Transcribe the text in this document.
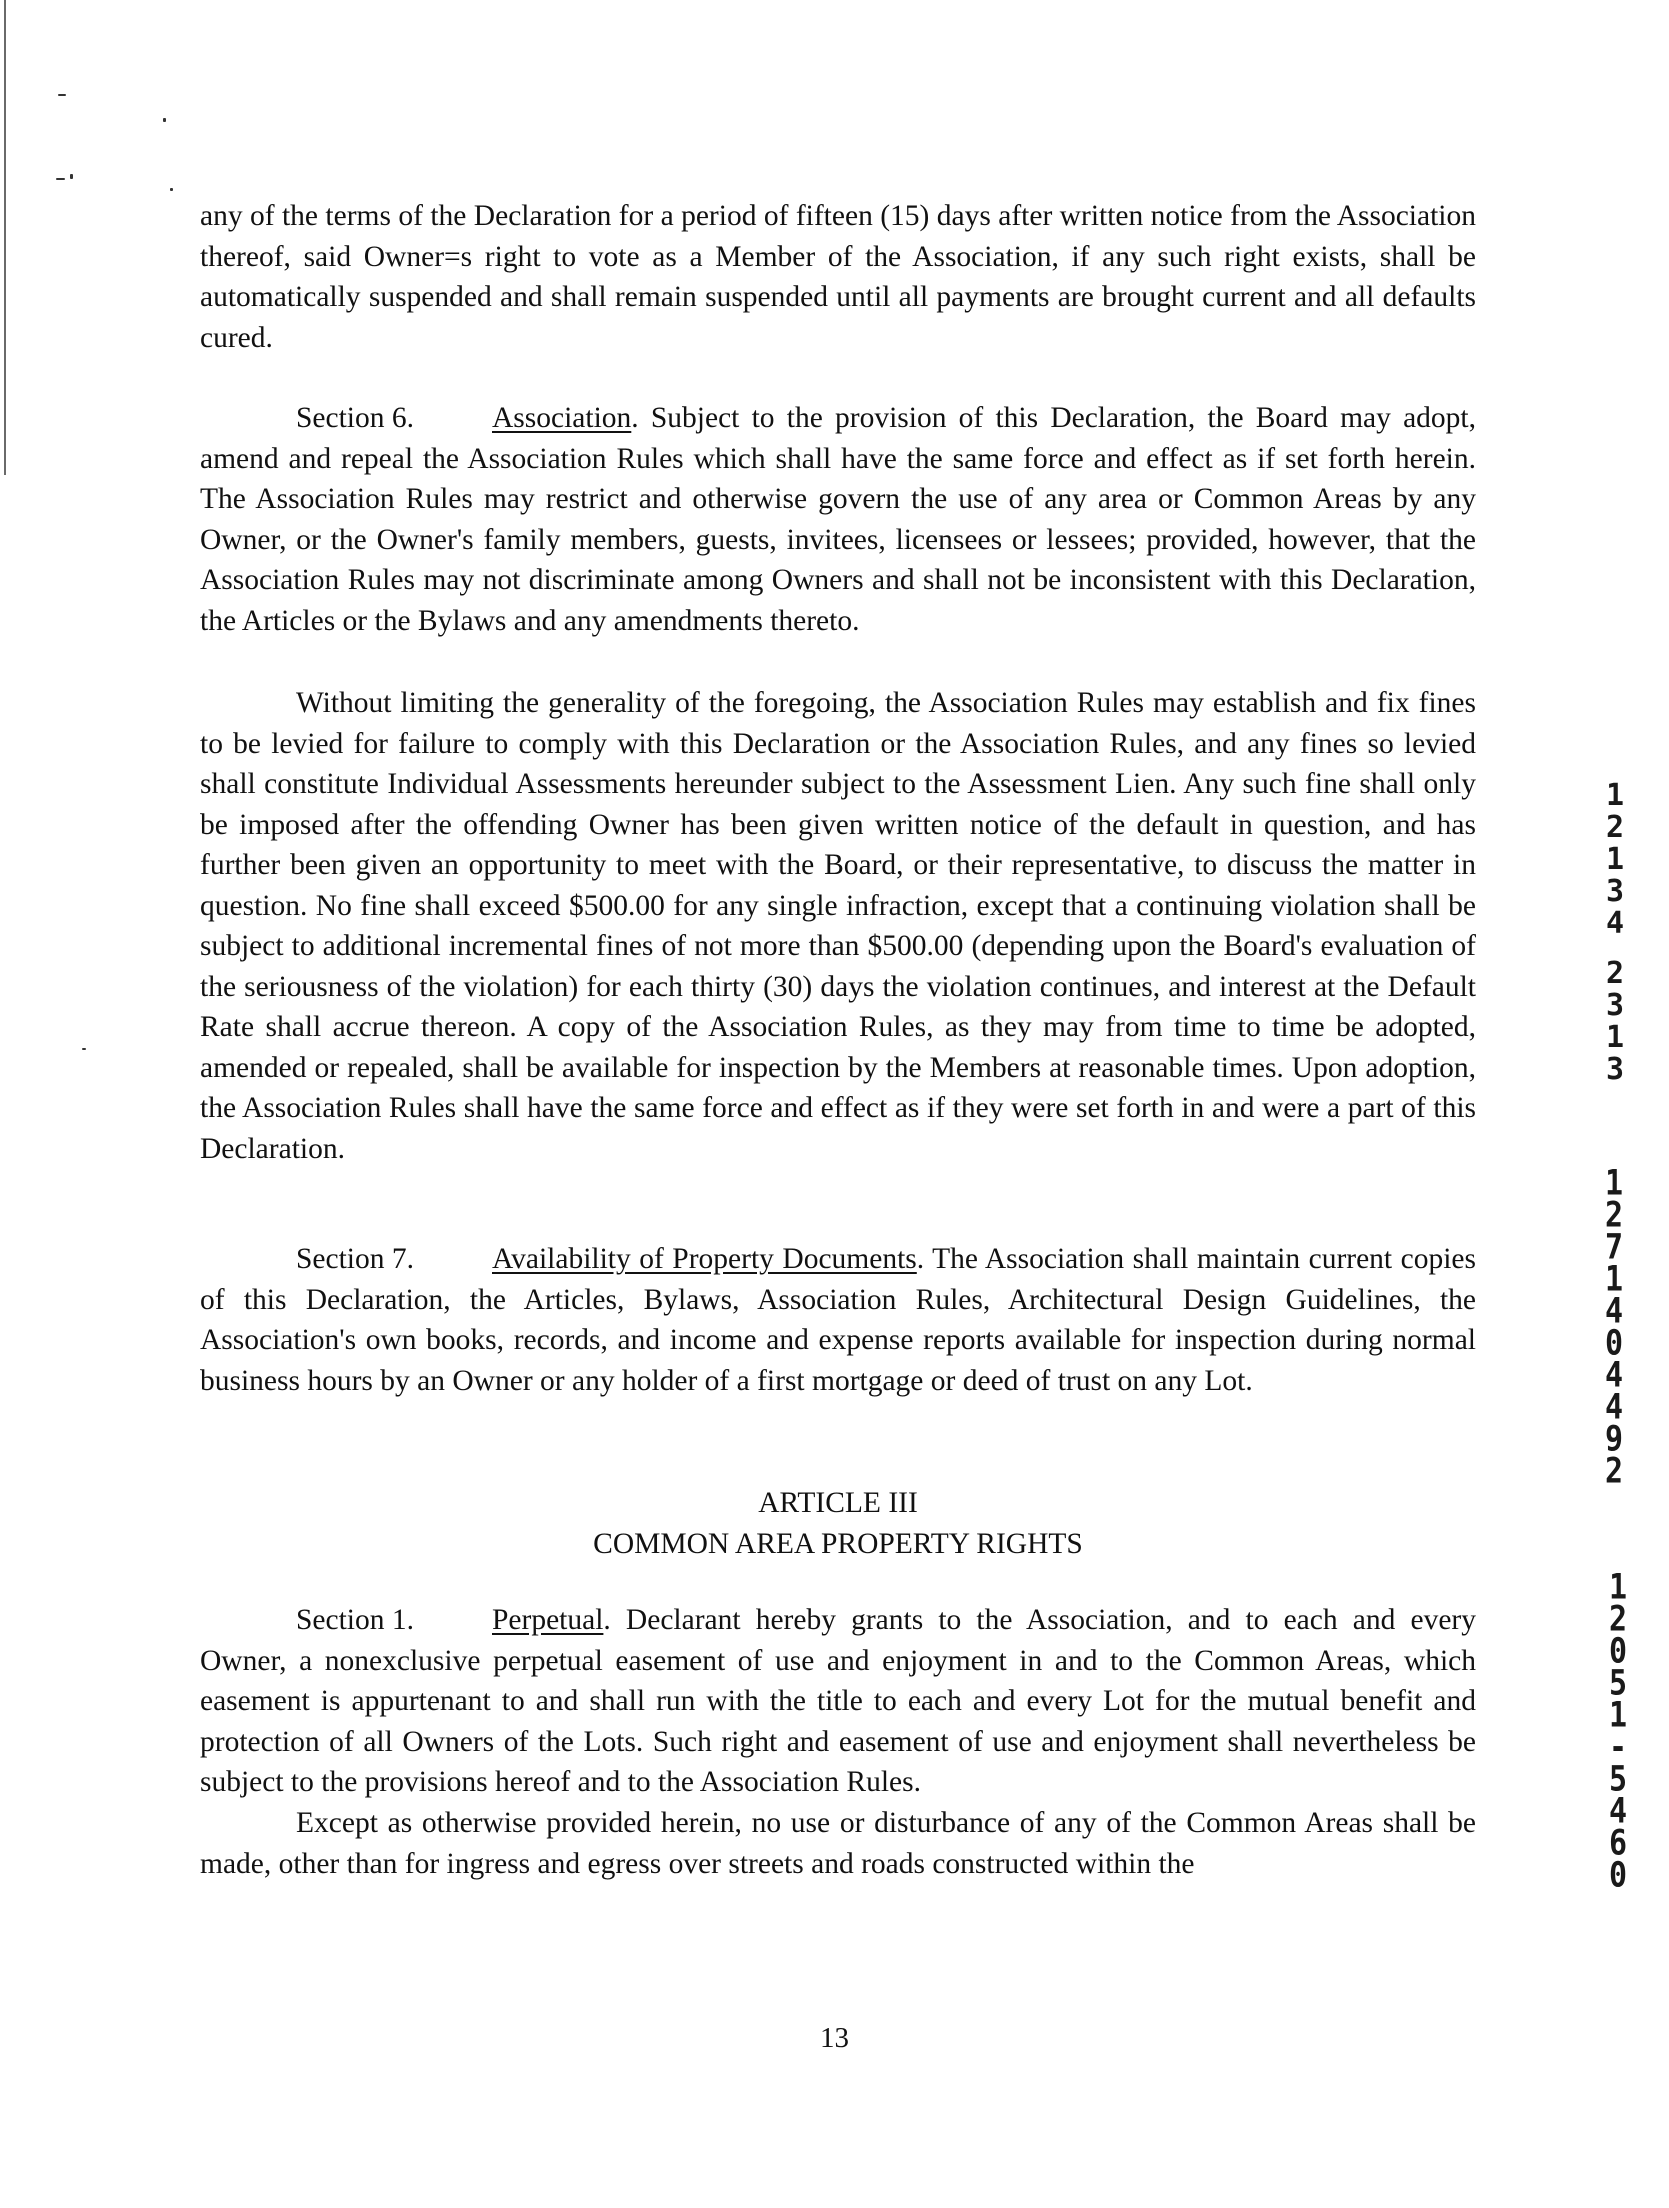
any of the terms of the Declaration for a period of fifteen (15) days after written notice from the Association thereof, said Owner=s right to vote as a Member of the Association, if any such right exists, shall be automatically suspended and shall remain suspended until all payments are brought current and all defaults cured.

Section 6.	Association. Subject to the provision of this Declaration, the Board may adopt, amend and repeal the Association Rules which shall have the same force and effect as if set forth herein. The Association Rules may restrict and otherwise govern the use of any area or Common Areas by any Owner, or the Owner's family members, guests, invitees, licensees or lessees; provided, however, that the Association Rules may not discriminate among Owners and shall not be inconsistent with this Declaration, the Articles or the Bylaws and any amendments thereto.

Without limiting the generality of the foregoing, the Association Rules may establish and fix fines to be levied for failure to comply with this Declaration or the Association Rules, and any fines so levied shall constitute Individual Assessments hereunder subject to the Assessment Lien. Any such fine shall only be imposed after the offending Owner has been given written notice of the default in question, and has further been given an opportunity to meet with the Board, or their representative, to discuss the matter in question. No fine shall exceed $500.00 for any single infraction, except that a continuing violation shall be subject to additional incremental fines of not more than $500.00 (depending upon the Board's evaluation of the seriousness of the violation) for each thirty (30) days the violation continues, and interest at the Default Rate shall accrue thereon. A copy of the Association Rules, as they may from time to time be adopted, amended or repealed, shall be available for inspection by the Members at reasonable times. Upon adoption, the Association Rules shall have the same force and effect as if they were set forth in and were a part of this Declaration.

Section 7.	Availability of Property Documents. The Association shall maintain current copies of this Declaration, the Articles, Bylaws, Association Rules, Architectural Design Guidelines, the Association's own books, records, and income and expense reports available for inspection during normal business hours by an Owner or any holder of a first mortgage or deed of trust on any Lot.

ARTICLE III
COMMON AREA PROPERTY RIGHTS

Section 1.	Perpetual. Declarant hereby grants to the Association, and to each and every Owner, a nonexclusive perpetual easement of use and enjoyment in and to the Common Areas, which easement is appurtenant to and shall run with the title to each and every Lot for the mutual benefit and protection of all Owners of the Lots. Such right and easement of use and enjoyment shall nevertheless be subject to the provisions hereof and to the Association Rules.

Except as otherwise provided herein, no use or disturbance of any of the Common Areas shall be made, other than for ingress and egress over streets and roads constructed within the

13
1
2
1
3
4
2
3
1
3
1
2
7
1
4
0
4
4
9
2
1
2
0
5
1
-
5
4
6
0
